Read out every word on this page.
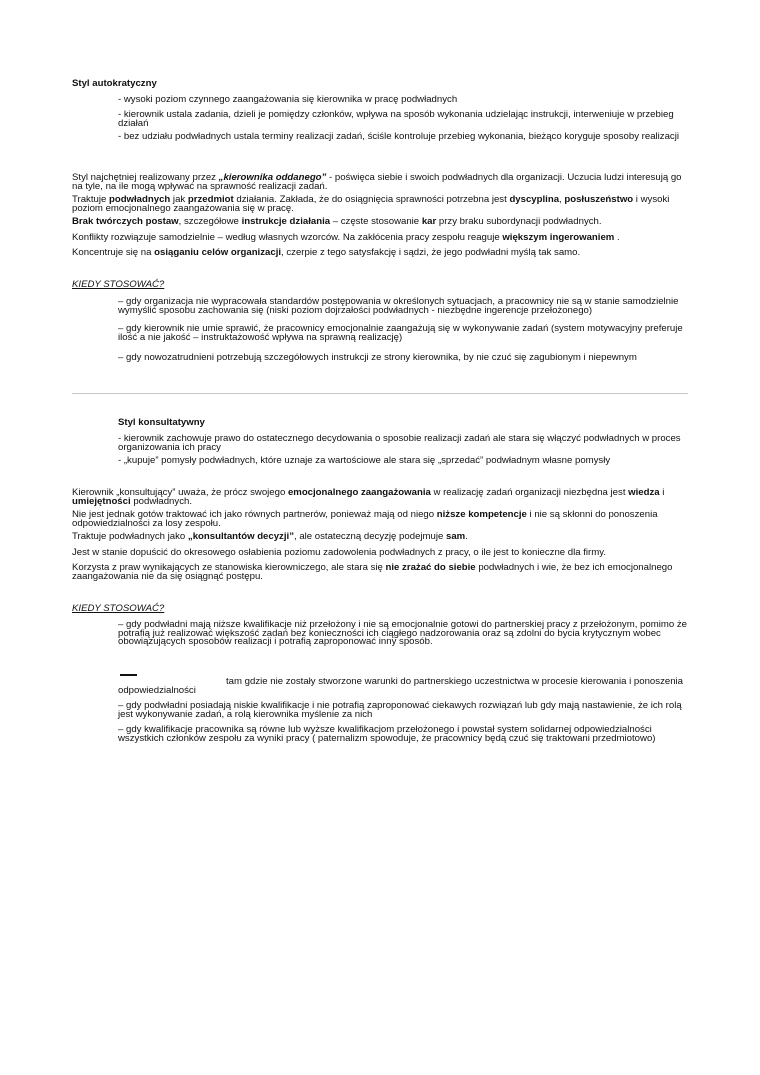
Styl autokratyczny
- wysoki poziom czynnego zaangażowania się kierownika w pracę podwładnych
- kierownik ustala zadania, dzieli je pomiędzy członków, wpływa na sposób wykonania udzielając instrukcji, interweniuje w przebieg działań
- bez udziału podwładnych ustala terminy realizacji zadań, ściśle kontroluje przebieg wykonania, bieżąco koryguje sposoby realizacji
Styl najchętniej realizowany przez „kierownika oddanego” - poświęca siebie i swoich podwładnych dla organizacji. Uczucia ludzi interesują go na tyle, na ile mogą wpływać na sprawność realizacji zadań.
Traktuje podwładnych jak przedmiot działania. Zakłada, że do osiągnięcia sprawności potrzebna jest dyscyplina, posłuszeństwo i wysoki poziom emocjonalnego zaangażowania się w pracę.
Brak twórczych postaw, szczegółowe instrukcje działania – częste stosowanie kar przy braku subordynacji podwładnych.
Konflikty rozwiązuje samodzielnie – według własnych wzorców. Na zakłócenia pracy zespołu reaguje większym ingerowaniem .
Koncentruje się na osiąganiu celów organizacji, czerpie z tego satysfakcję i sądzi, że jego podwładni myślą tak samo.
KIEDY STOSOWAĆ?
– gdy organizacja nie wypracowała standardów postępowania w określonych sytuacjach, a pracownicy nie są w stanie samodzielnie wymyślić sposobu zachowania się (niski poziom dojrzałości podwładnych - niezbędne ingerencje przełożonego)
– gdy kierownik nie umie sprawić, że pracownicy emocjonalnie zaangażują się w wykonywanie zadań (system motywacyjny preferuje ilość a nie jakość – instruktażowość wpływa na sprawną realizację)
– gdy nowozatrudnieni potrzebują szczegółowych instrukcji ze strony kierownika, by nie czuć się zagubionym i niepewnym
Styl konsultatywny
- kierownik zachowuje prawo do ostatecznego decydowania o sposobie realizacji zadań ale stara się włączyć podwładnych w proces organizowania ich pracy
- „kupuje” pomysły podwładnych, które uznaje za wartościowe ale stara się „sprzedać” podwładnym własne pomysły
Kierownik „konsultujący” uważa, że prócz swojego emocjonalnego zaangażowania w realizację zadań organizacji niezbędna jest wiedza i umiejętności podwładnych.
Nie jest jednak gotów traktować ich jako równych partnerów, ponieważ mają od niego niższe kompetencje i nie są skłonni do ponoszenia odpowiedzialności za losy zespołu.
Traktuje podwładnych jako „konsultantów decyzji”, ale ostateczną decyzję podejmuje sam.
Jest w stanie dopuścić do okresowego osłabienia poziomu zadowolenia podwładnych z pracy, o ile jest to konieczne dla firmy.
Korzysta z praw wynikających ze stanowiska kierowniczego, ale stara się nie zrażać do siebie podwładnych i wie, że bez ich emocjonalnego zaangażowania nie da się osiągnąć postępu.
KIEDY STOSOWAĆ?
– gdy podwładni mają niższe kwalifikacje niż przełożony i nie są emocjonalnie gotowi do partnerskiej pracy z przełożonym, pomimo że potrafią już realizować większość zadań bez konieczności ich ciągłego nadzorowania oraz są zdolni do bycia krytycznym wobec obowiązujących sposobów realizacji i potrafią zaproponować inny sposób.
tam gdzie nie zostały stworzone warunki do partnerskiego uczestnictwa w procesie kierowania i ponoszenia odpowiedzialności
– gdy podwładni posiadają niskie kwalifikacje i nie potrafią zaproponować ciekawych rozwiązań lub gdy mają nastawienie, że ich rolą jest wykonywanie zadań, a rolą kierownika myślenie za nich
– gdy kwalifikacje pracownika są równe lub wyższe kwalifikacjom przełożonego i powstał system solidarnej odpowiedzialności wszystkich członków zespołu za wyniki pracy ( paternalizm spowoduje, że pracownicy będą czuć się traktowani przedmiotowo)
